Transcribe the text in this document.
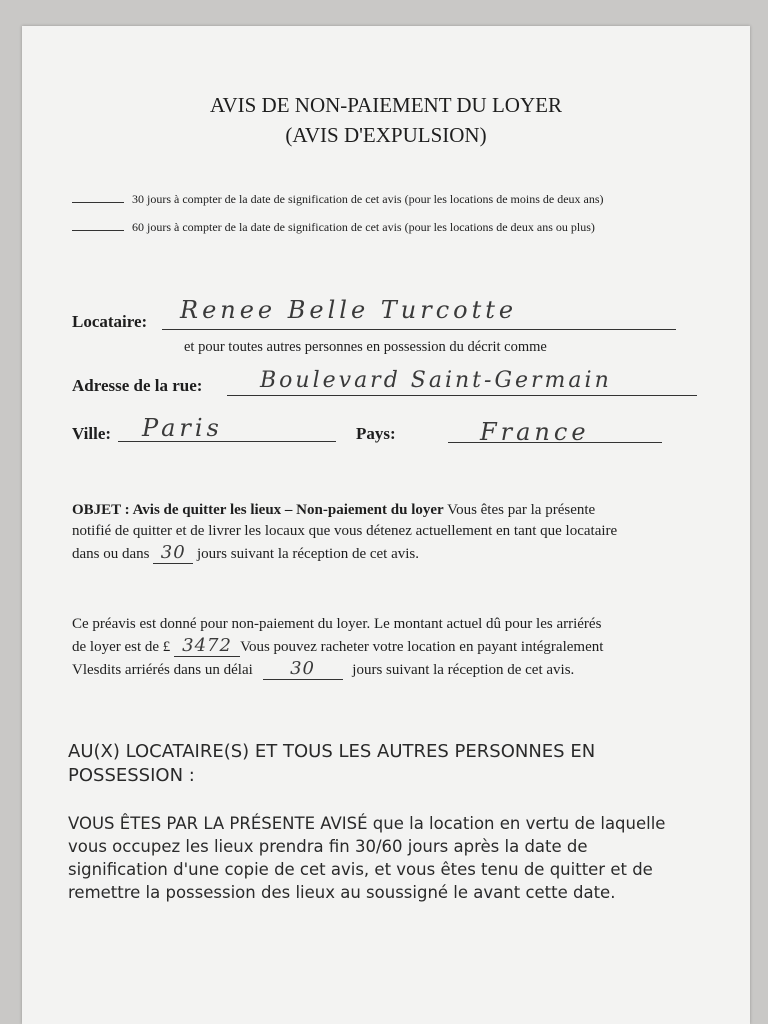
AVIS DE NON-PAIEMENT DU LOYER
(AVIS D'EXPULSION)
30 jours à compter de la date de signification de cet avis (pour les locations de moins de deux ans)
60 jours à compter de la date de signification de cet avis (pour les locations de deux ans ou plus)
Locataire: Renee Belle Turcotte
et pour toutes autres personnes en possession du décrit comme
Adresse de la rue:	Boulevard Saint-Germain
Ville: Paris	Pays:	France
OBJET : Avis de quitter les lieux – Non-paiement du loyer Vous êtes par la présente
notifié de quitter et de livrer les locaux que vous détenez actuellement en tant que locataire
dans ou dans 30 jours suivant la réception de cet avis.
Ce préavis est donné pour non-paiement du loyer. Le montant actuel dû pour les arriérés
de loyer est de £ 3472 Vous pouvez racheter votre location en payant intégralement
Vlesdits arriérés dans un délai 30 jours suivant la réception de cet avis.
AU(X) LOCATAIRE(S) ET TOUS LES AUTRES PERSONNES EN
POSSESSION :
VOUS ÊTES PAR LA PRÉSENTE AVISÉ que la location en vertu de laquelle
vous occupez les lieux prendra fin 30/60 jours après la date de
signification d'une copie de cet avis, et vous êtes tenu de quitter et de
remettre la possession des lieux au soussigné le avant cette date.
